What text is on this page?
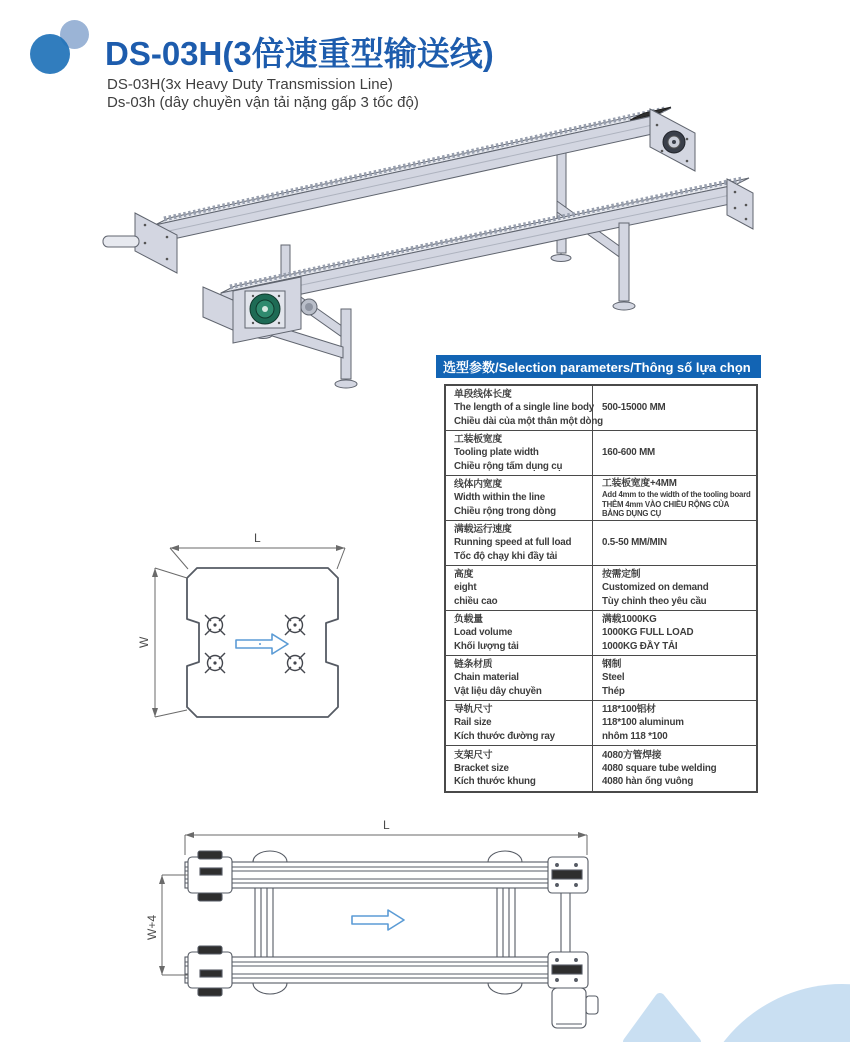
DS-03H(3倍速重型输送线)
DS-03H(3x Heavy Duty Transmission Line)
Ds-03h (dây chuyền vận tải nặng gấp 3 tốc độ)
L
W
选型参数/Selection parameters/Thông số lựa chọn
单段线体长度
The length of a single line body
Chiều dài của một thân một dòng
500-15000 MM
工装板宽度
Tooling plate width
Chiều rộng tấm dụng cụ
160-600 MM
线体内宽度
Width within the line
Chiều rộng trong dòng
工装板宽度+4MM
Add 4mm to the width of the tooling board
THÊM 4mm VÀO CHIỀU RỘNG CỦA BẢNG DỤNG CỤ
满载运行速度
Running speed at full load
Tốc độ chạy khi đầy tải
0.5-50 MM/MIN
高度
eight
chiều cao
按需定制
Customized on demand
Tùy chỉnh theo yêu cầu
负载量
Load volume
Khối lượng tải
满载1000KG
1000KG FULL LOAD
1000KG ĐẦY TẢI
链条材质
Chain material
Vật liệu dây chuyền
钢制
Steel
Thép
导轨尺寸
Rail size
Kích thước đường ray
118*100铝材
118*100 aluminum
nhôm 118 *100
支架尺寸
Bracket size
Kích thước khung
4080方管焊接
4080 square tube welding
4080 hàn ống vuông
L
W+4
